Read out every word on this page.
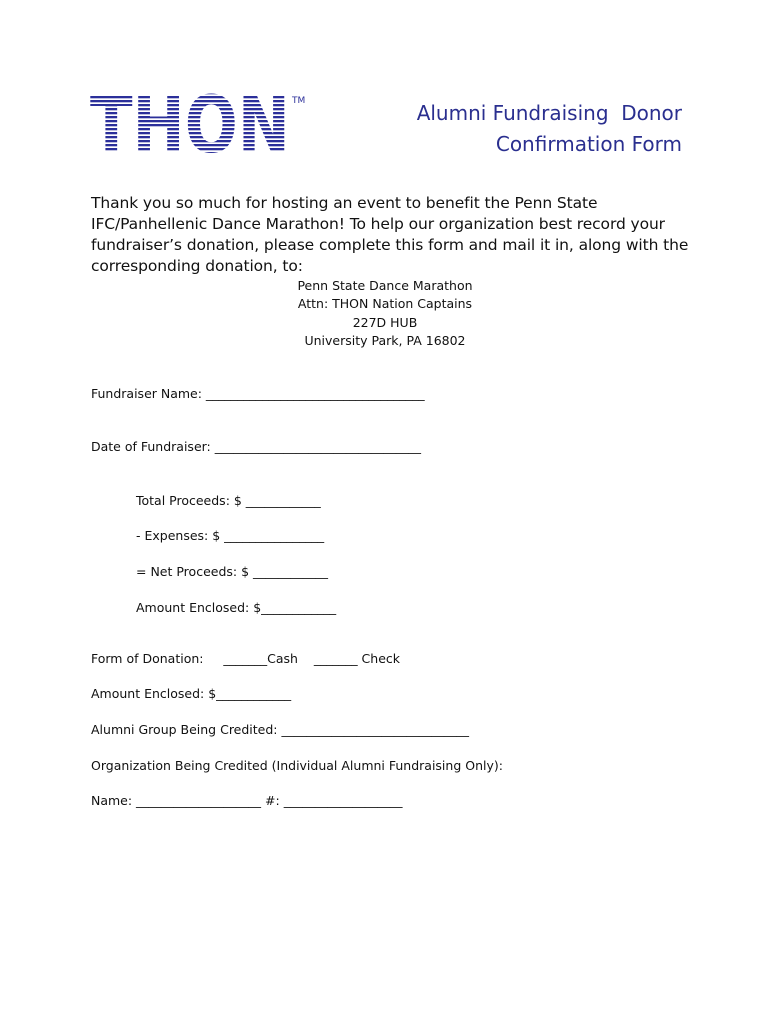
THON TM	Alumni Fundraising  Donor
Confirmation Form
Thank you so much for hosting an event to benefit the Penn State IFC/Panhellenic Dance Marathon! To help our organization best record your fundraiser’s donation, please complete this form and mail it in, along with the corresponding donation, to:
Penn State Dance Marathon
Attn: THON Nation Captains
227D HUB
University Park, PA 16802
Fundraiser Name: ___________________________________
Date of Fundraiser: _________________________________
Total Proceeds: $ ____________
- Expenses: $ ________________
= Net Proceeds: $ ____________
Amount Enclosed: $____________
Form of Donation:     _______Cash    _______ Check
Amount Enclosed: $____________
Alumni Group Being Credited: ______________________________
Organization Being Credited (Individual Alumni Fundraising Only):
Name: ____________________ #: ___________________
